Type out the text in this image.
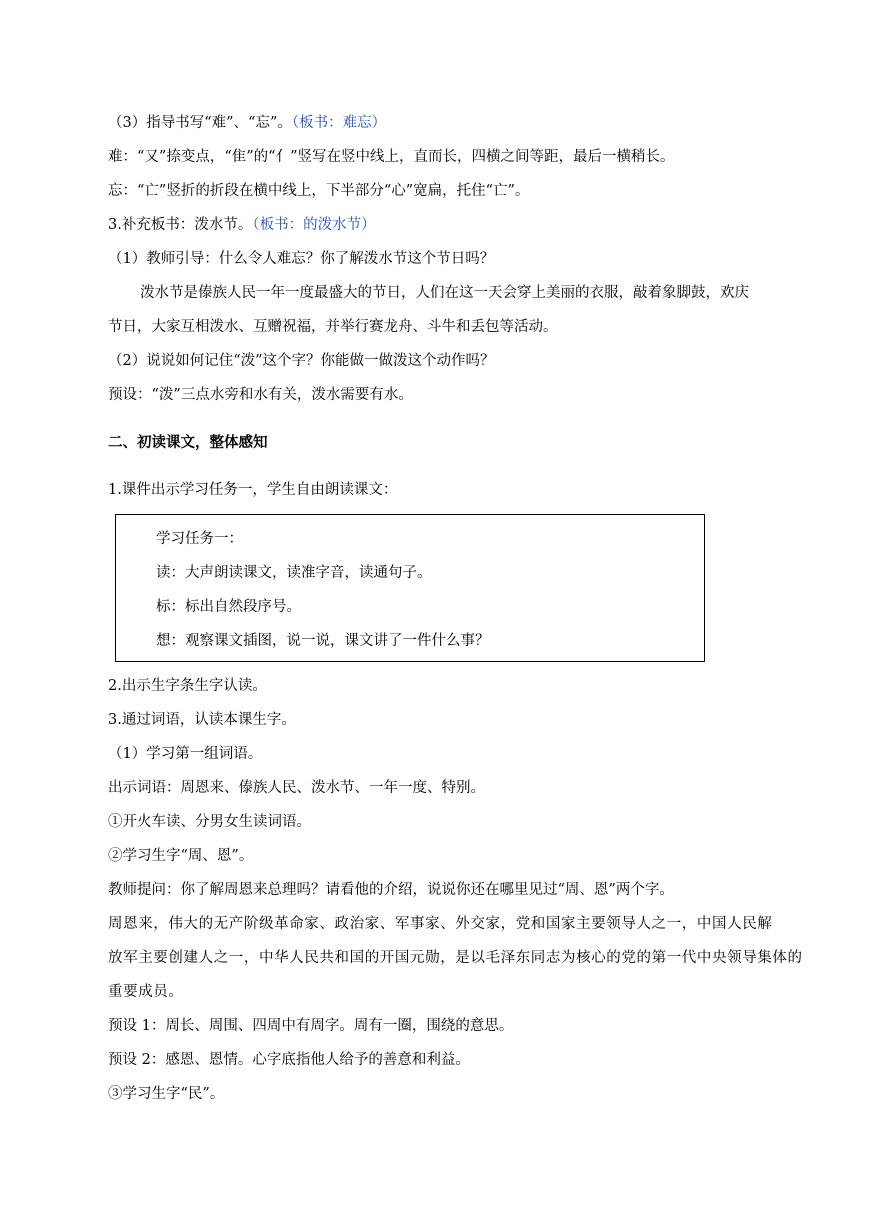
（3）指导书写“难”、“忘”。（板书：难忘）
难：“又”捺变点，“隹”的“亻”竖写在竖中线上，直而长，四横之间等距，最后一横稍长。
忘：“亡”竖折的折段在横中线上，下半部分“心”宽扁，托住“亡”。
3.补充板书：泼水节。（板书：的泼水节）
（1）教师引导：什么令人难忘？你了解泼水节这个节日吗？
泼水节是傣族人民一年一度最盛大的节日，人们在这一天会穿上美丽的衣服，敲着象脚鼓，欢庆
节日，大家互相泼水、互赠祝福，并举行赛龙舟、斗牛和丢包等活动。
（2）说说如何记住“泼”这个字？你能做一做泼这个动作吗？
预设：“泼”三点水旁和水有关，泼水需要有水。
二、初读课文，整体感知
1.课件出示学习任务一，学生自由朗读课文：
学习任务一：
读：大声朗读课文，读准字音，读通句子。
标：标出自然段序号。
想：观察课文插图，说一说，课文讲了一件什么事？
2.出示生字条生字认读。
3.通过词语，认读本课生字。
（1）学习第一组词语。
出示词语：周恩来、傣族人民、泼水节、一年一度、特别。
①开火车读、分男女生读词语。
②学习生字“周、恩”。
教师提问：你了解周恩来总理吗？请看他的介绍，说说你还在哪里见过“周、恩”两个字。
周恩来，伟大的无产阶级革命家、政治家、军事家、外交家，党和国家主要领导人之一，中国人民解
放军主要创建人之一，中华人民共和国的开国元勋，是以毛泽东同志为核心的党的第一代中央领导集体的
重要成员。
预设 1：周长、周围、四周中有周字。周有一圈，围绕的意思。
预设 2：感恩、恩情。心字底指他人给予的善意和利益。
③学习生字“民”。
